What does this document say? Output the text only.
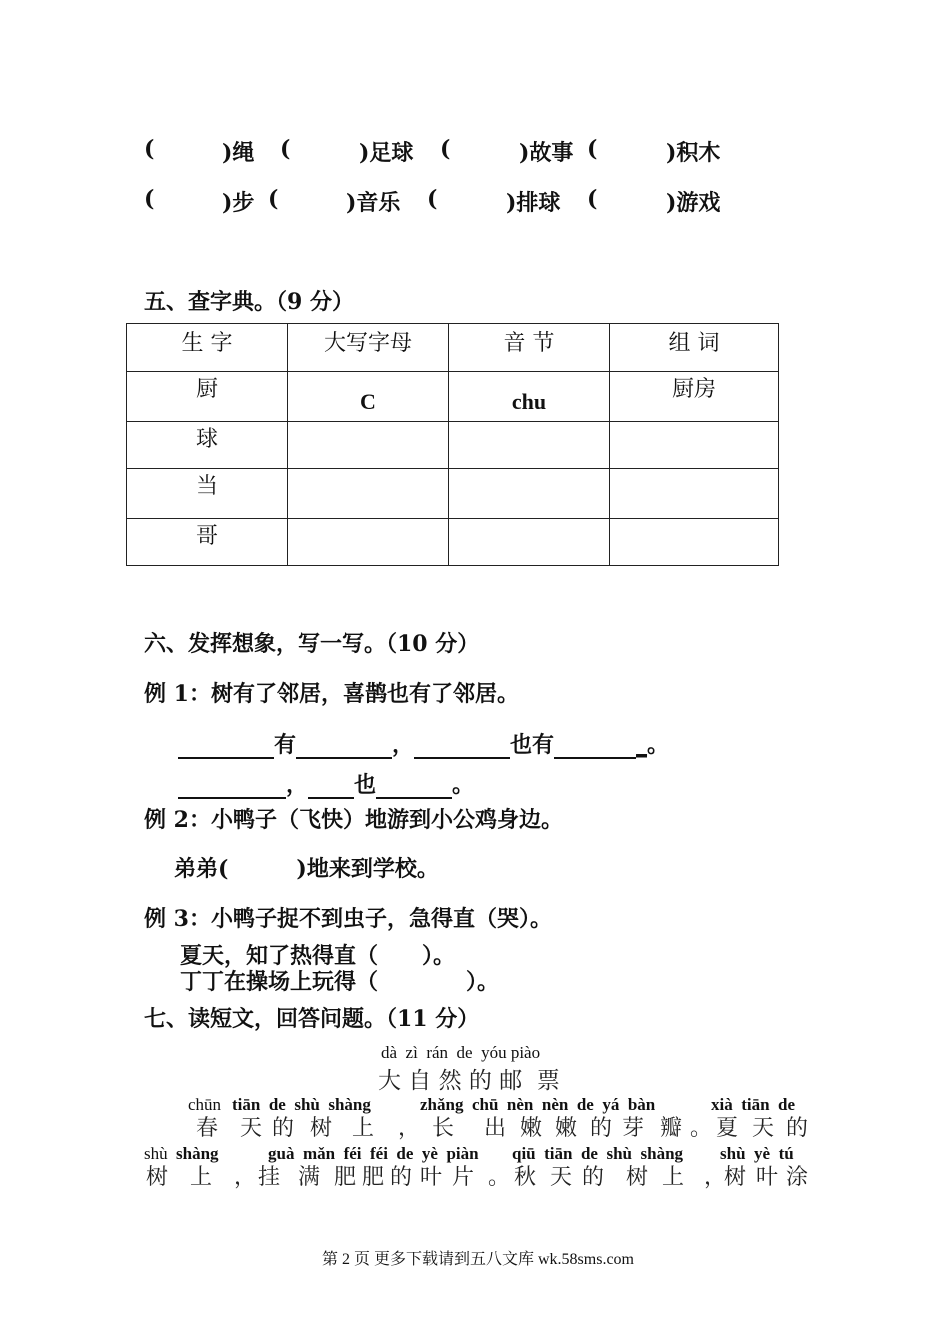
(	)绳 (	)足球 (	)故事 (	)积木
(	)步 (	)音乐 (	)排球 (	)游戏
五、查字典。（9 分）
生 字	大写字母	音 节	组 词
厨	C	chu	厨房
球			
当			
哥			
六、发挥想象，写一写。（10 分）
例 1：树有了邻居，喜鹊也有了邻居。
有	，	也有	_。
， 也	。
例 2：小鸭子（飞快）地游到小公鸡身边。
弟弟(	)地来到学校。
例 3：小鸭子捉不到虫子，急得直（哭）。
夏天，知了热得直（　　）。
丁丁在操场上玩得（　　　　）。
七、读短文，回答问题。（11 分）
dà  zì  rán  de  yóu piào
大 自 然 的 邮  票
chūn tiān  de  shù  shàng	zhǎng  chū  nèn  nèn  de  yá  bàn	xià  tiān  de
春 天 的 树 上 ， 长 出 嫩 嫩 的 芽 瓣 。 夏 天 的
shù shàng	guà  mǎn  féi  féi  de  yè  piàn qiū  tiān  de  shù  shàng shù  yè  tú
树 上 ， 挂 满 肥 肥 的 叶 片 。 秋 天 的 树 上 ，
树 叶 涂
第 2 页 更多下载请到五八文库 wk.58sms.com
